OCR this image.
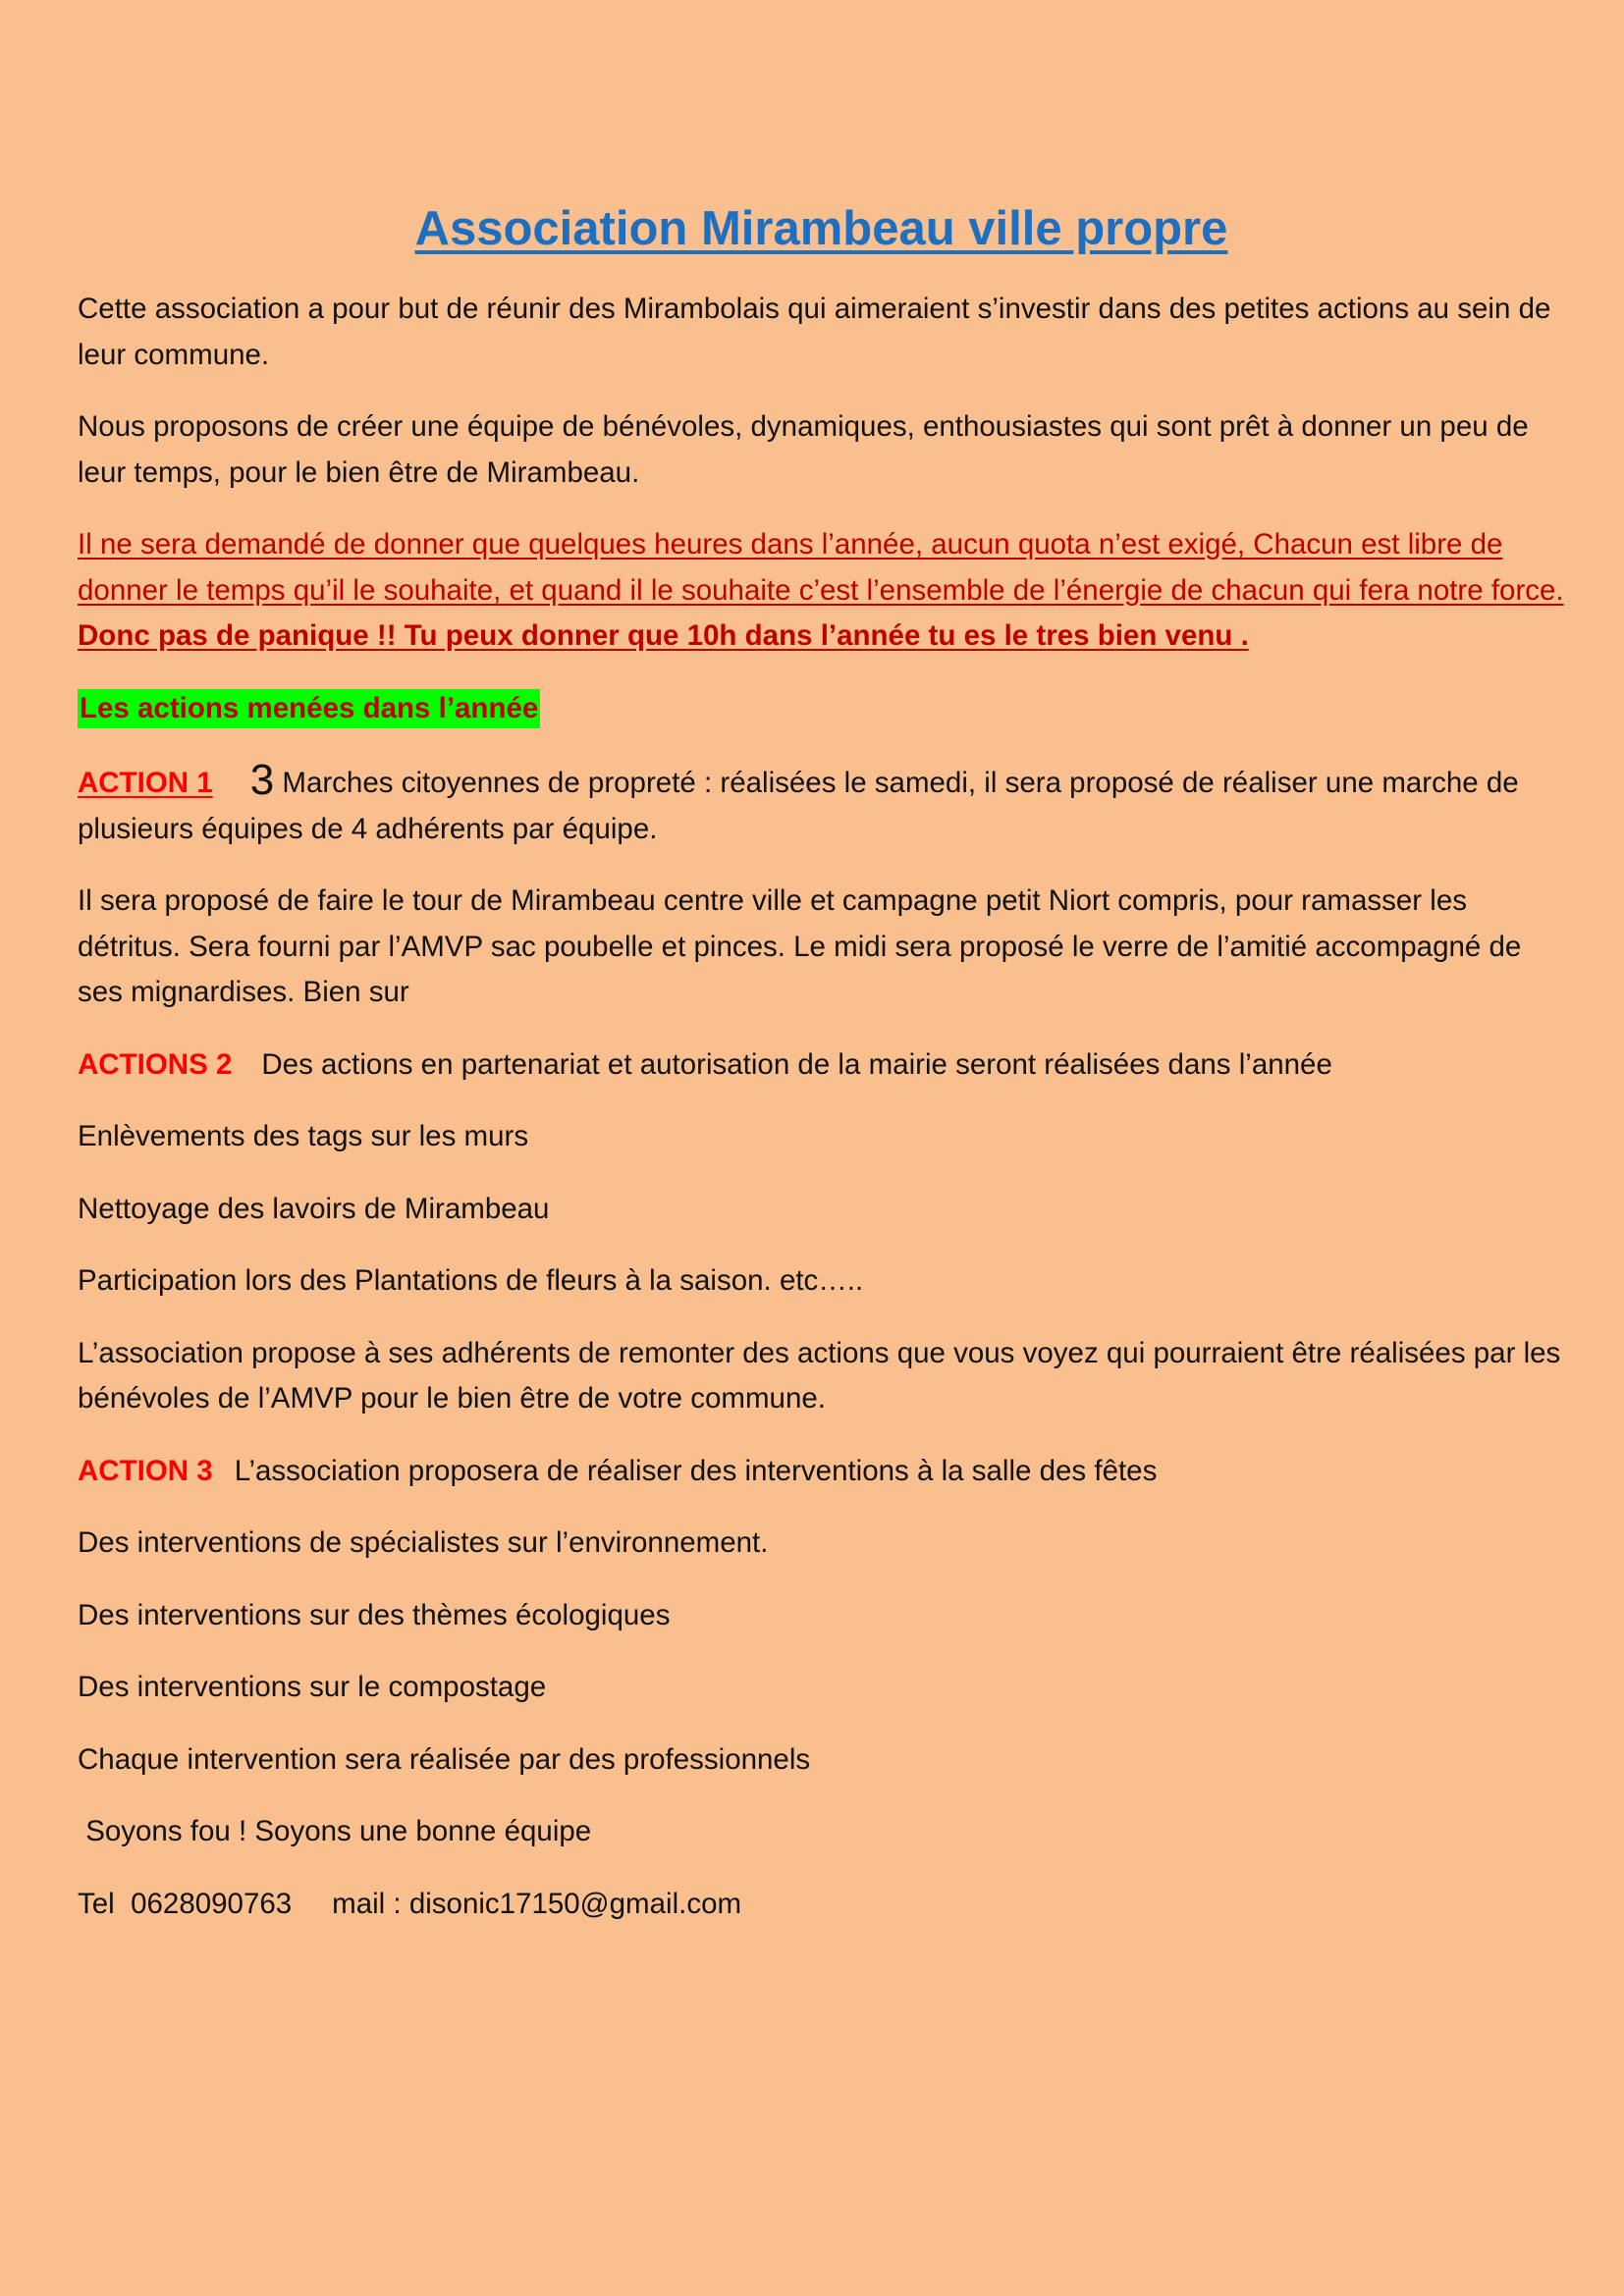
Association Mirambeau ville propre

Cette association a pour but de réunir des Mirambolais qui aimeraient s’investir dans des petites actions au sein de leur commune.

Nous proposons de créer une équipe de bénévoles, dynamiques, enthousiastes qui sont prêt à donner un peu de leur temps, pour le bien être de Mirambeau.

Il ne sera demandé de donner que quelques heures dans l’année, aucun quota n’est exigé, Chacun est libre de donner le temps qu’il le souhaite, et quand il le souhaite c’est l’ensemble de l’énergie de chacun qui fera notre force. Donc pas de panique !! Tu peux donner que 10h dans l’année tu es le tres bien venu .

Les actions menées dans l’année

ACTION 1 3 Marches citoyennes de propreté : réalisées le samedi, il sera proposé de réaliser une marche de plusieurs équipes de 4 adhérents par équipe.

Il sera proposé de faire le tour de Mirambeau centre ville et campagne petit Niort compris, pour ramasser les détritus. Sera fourni par l’AMVP sac poubelle et pinces. Le midi sera proposé le verre de l’amitié accompagné de ses mignardises. Bien sur

ACTIONS 2 Des actions en partenariat et autorisation de la mairie seront réalisées dans l’année

Enlèvements des tags sur les murs

Nettoyage des lavoirs de Mirambeau

Participation lors des Plantations de fleurs à la saison. etc…..

L’association propose à ses adhérents de remonter des actions que vous voyez qui pourraient être réalisées par les bénévoles de l’AMVP pour le bien être de votre commune.

ACTION 3 L’association proposera de réaliser des interventions à la salle des fêtes

Des interventions de spécialistes sur l’environnement.

Des interventions sur des thèmes écologiques

Des interventions sur le compostage

Chaque intervention sera réalisée par des professionnels

Soyons fou ! Soyons une bonne équipe

Tel  0628090763     mail : disonic17150@gmail.com
